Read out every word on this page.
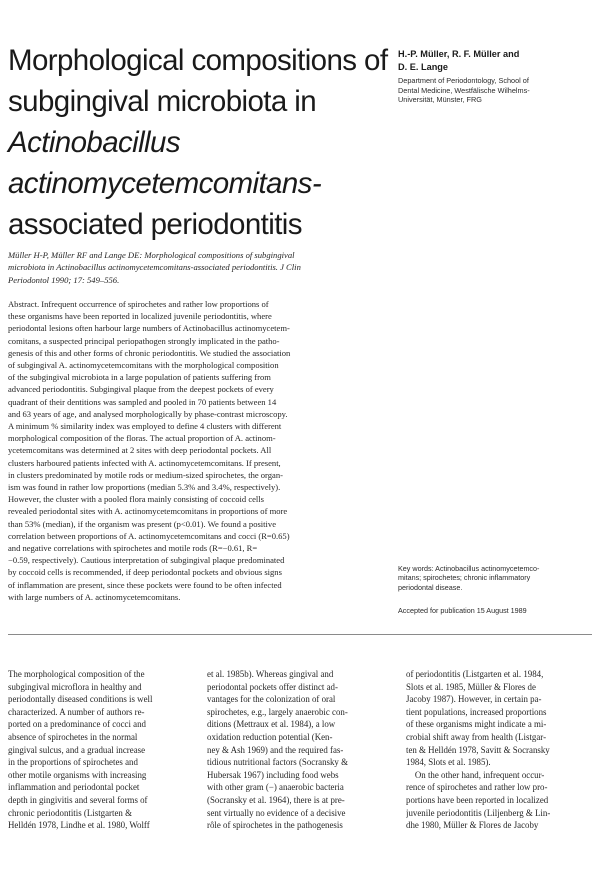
Morphological compositions of
subgingival microbiota in
Actinobacillus
actinomycetemcomitans-
associated periodontitis
H.-P. Müller, R. F. Müller and
D. E. Lange
Department of Periodontology, School of
Dental Medicine, Westfälische Wilhelms-
Universität, Münster, FRG

Müller H-P, Müller RF and Lange DE: Morphological compositions of subgingival

microbiota in Actinobacillus actinomycetemcomitans-associated periodontitis. J Clin

Periodontol 1990; 17: 549–556.

Abstract. Infrequent occurrence of spirochetes and rather low proportions of

these organisms have been reported in localized juvenile periodontitis, where

periodontal lesions often harbour large numbers of Actinobacillus actinomycetem-

comitans, a suspected principal periopathogen strongly implicated in the patho-

genesis of this and other forms of chronic periodontitis. We studied the association

of subgingival A. actinomycetemcomitans with the morphological composition

of the subgingival microbiota in a large population of patients suffering from

advanced periodontitis. Subgingival plaque from the deepest pockets of every

quadrant of their dentitions was sampled and pooled in 70 patients between 14

and 63 years of age, and analysed morphologically by phase-contrast microscopy.

A minimum % similarity index was employed to define 4 clusters with different

morphological composition of the floras. The actual proportion of A. actinom-

ycetemcomitans was determined at 2 sites with deep periodontal pockets. All

clusters harboured patients infected with A. actinomycetemcomitans. If present,

in clusters predominated by motile rods or medium-sized spirochetes, the organ-

ism was found in rather low proportions (median 5.3% and 3.4%, respectively).

However, the cluster with a pooled flora mainly consisting of coccoid cells

revealed periodontal sites with A. actinomycetemcomitans in proportions of more

than 53% (median), if the organism was present (p<0.01). We found a positive

correlation between proportions of A. actinomycetemcomitans and cocci (R=0.65)

and negative correlations with spirochetes and motile rods (R=−0.61, R=

−0.59, respectively). Cautious interpretation of subgingival plaque predominated

by coccoid cells is recommended, if deep periodontal pockets and obvious signs

of inflammation are present, since these pockets were found to be often infected

with large numbers of A. actinomycetemcomitans.

Key words: Actinobacillus actinomycetemco-
mitans; spirochetes; chronic inflammatory
periodontal disease.
Accepted for publication 15 August 1989
The morphological composition of the
subgingival microflora in healthy and
periodontally diseased conditions is well
characterized. A number of authors re-
ported on a predominance of cocci and
absence of spirochetes in the normal
gingival sulcus, and a gradual increase
in the proportions of spirochetes and
other motile organisms with increasing
inflammation and periodontal pocket
depth in gingivitis and several forms of
chronic periodontitis (Listgarten &
Helldén 1978, Lindhe et al. 1980, Wolff
et al. 1985b). Whereas gingival and
periodontal pockets offer distinct ad-
vantages for the colonization of oral
spirochetes, e.g., largely anaerobic con-
ditions (Mettraux et al. 1984), a low
oxidation reduction potential (Ken-
ney & Ash 1969) and the required fas-
tidious nutritional factors (Socransky &
Hubersak 1967) including food webs
with other gram (−) anaerobic bacteria
(Socransky et al. 1964), there is at pre-
sent virtually no evidence of a decisive
rôle of spirochetes in the pathogenesis
of periodontitis (Listgarten et al. 1984,
Slots et al. 1985, Müller & Flores de
Jacoby 1987). However, in certain pa-
tient populations, increased proportions
of these organisms might indicate a mi-
crobial shift away from health (Listgar-
ten & Helldén 1978, Savitt & Socransky
1984, Slots et al. 1985).
On the other hand, infrequent occur-
rence of spirochetes and rather low pro-
portions have been reported in localized
juvenile periodontitis (Liljenberg & Lin-
dhe 1980, Müller & Flores de Jacoby
